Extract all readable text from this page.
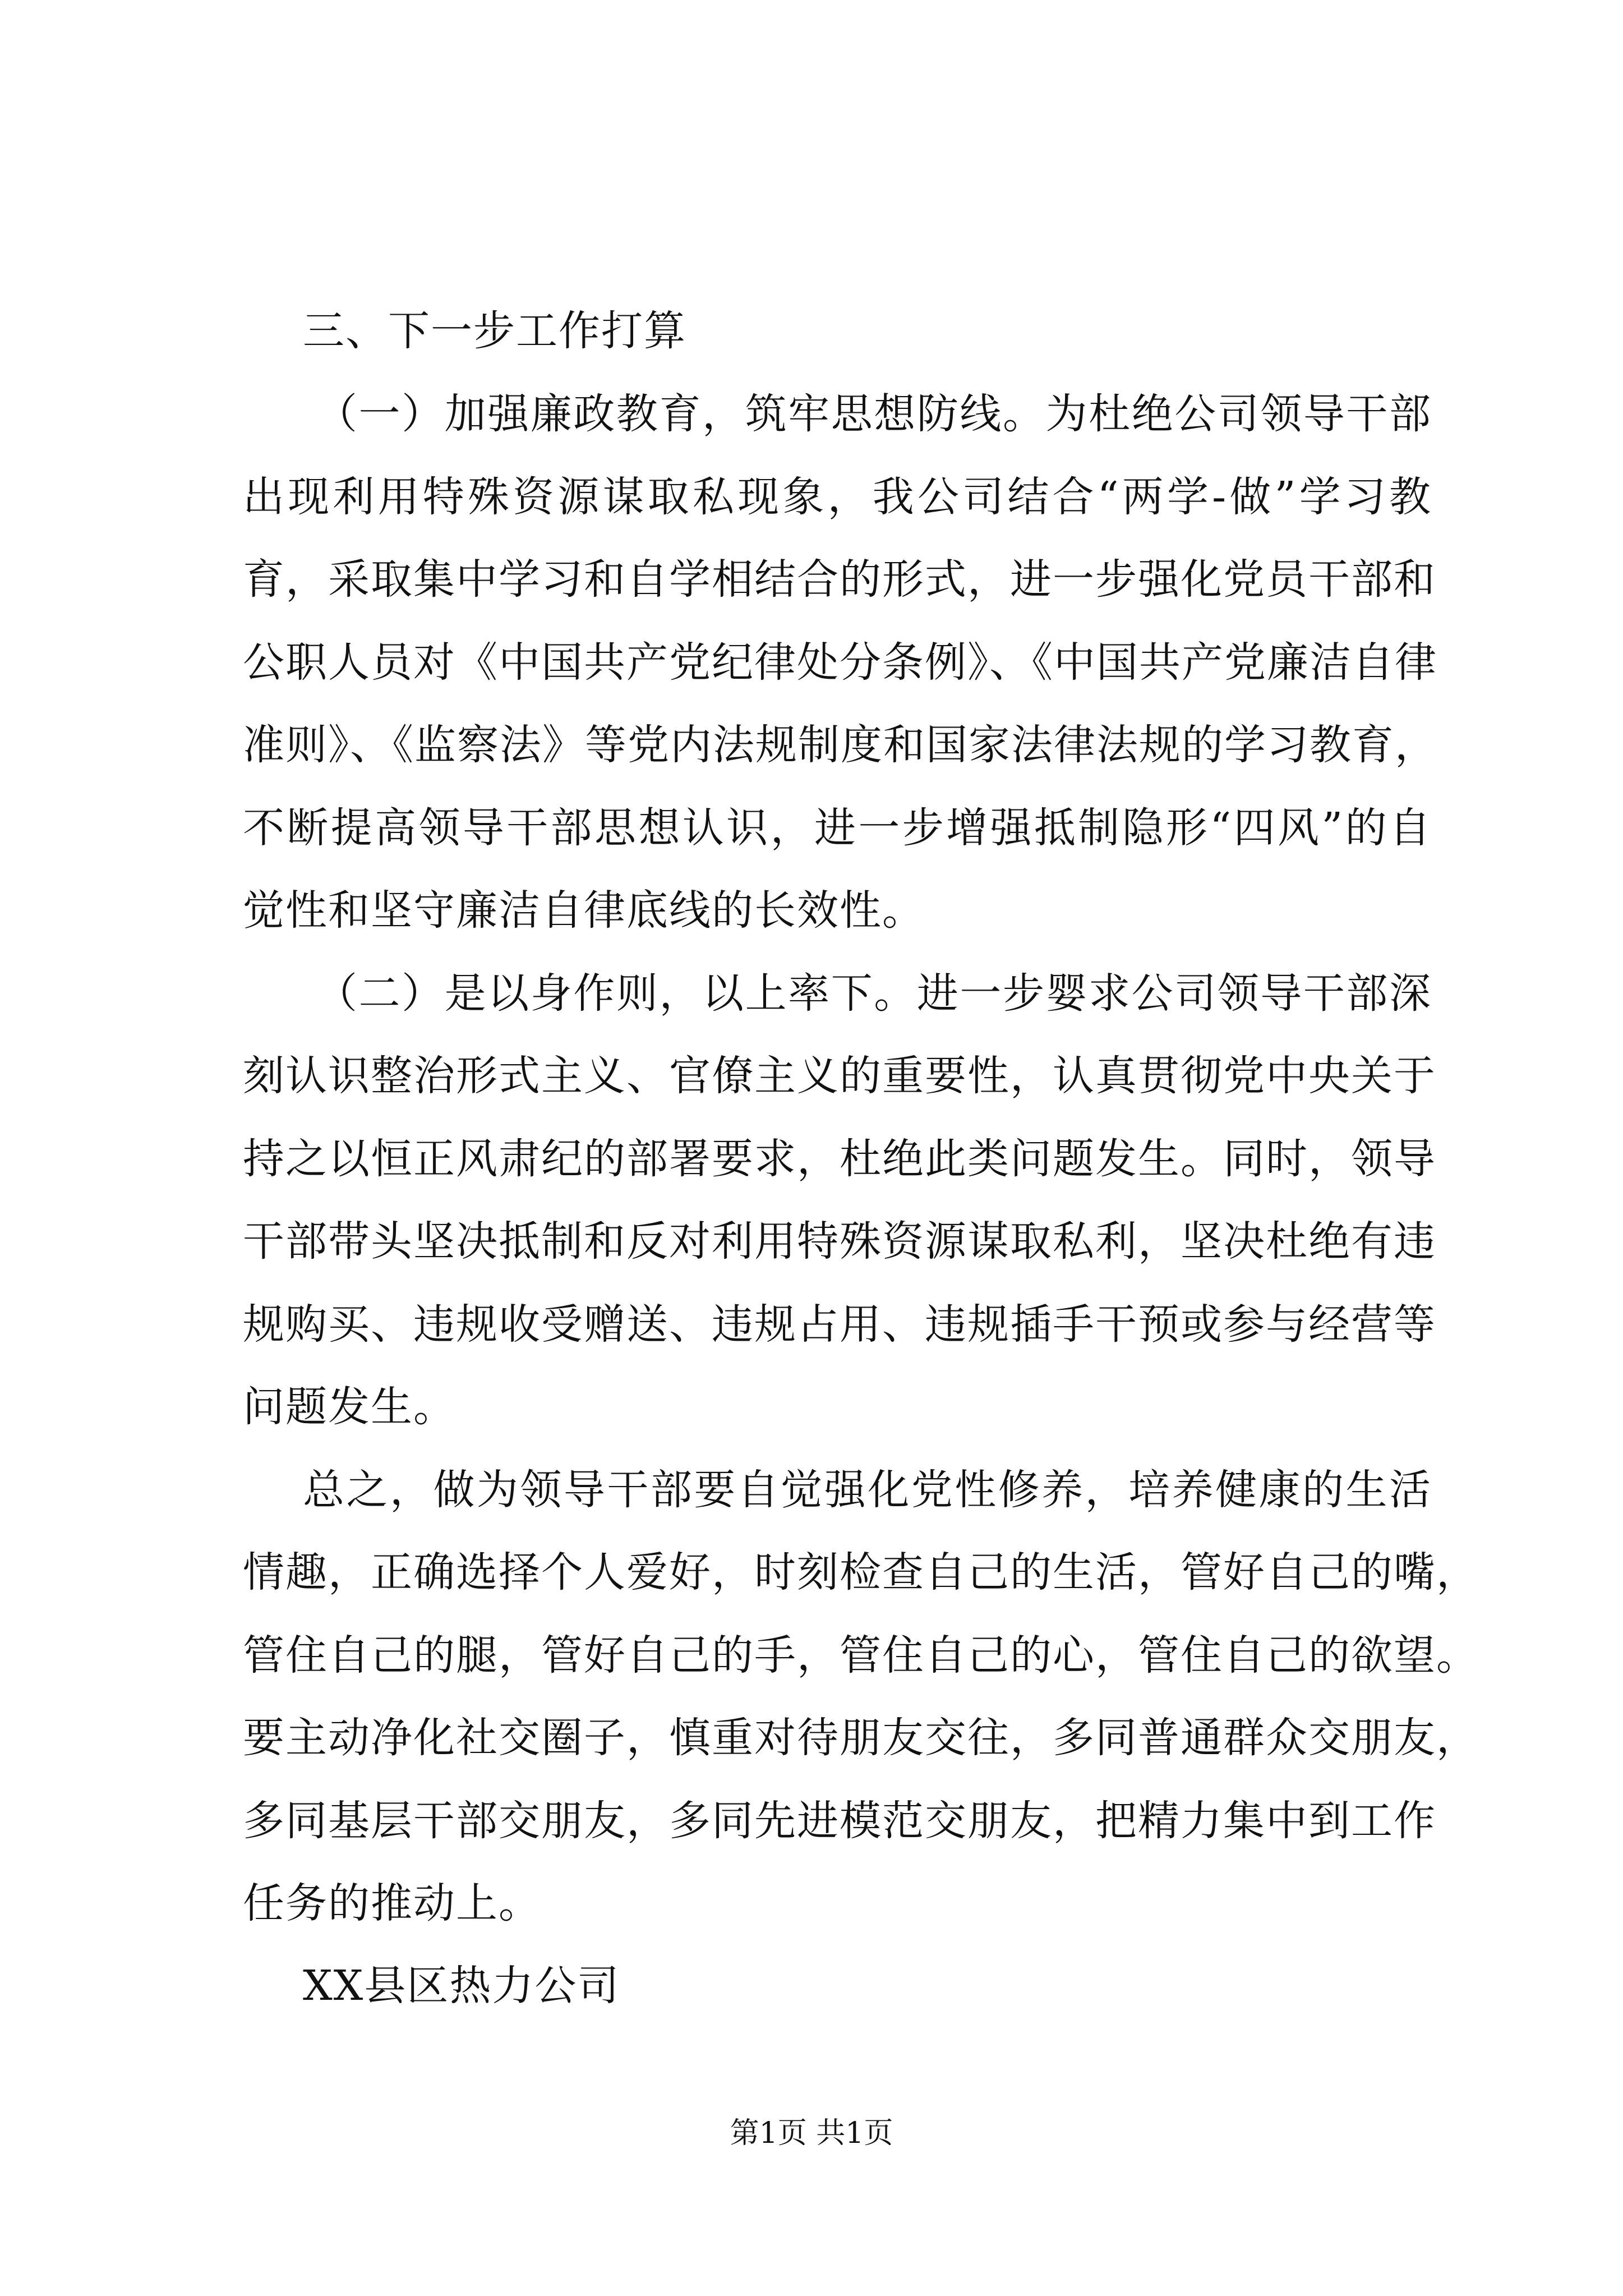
三、下一步工作打算
（一）加强廉政教育，筑牢思想防线。为杜绝公司领导干部
出现利用特殊资源谋取私现象，我公司结合“两学-做”学习教
育，采取集中学习和自学相结合的形式，进一步强化党员干部和
公职人员对《中国共产党纪律处分条例》、《中国共产党廉洁自律
准则》、《监察法》等党内法规制度和国家法律法规的学习教育，
不断提高领导干部思想认识，进一步增强抵制隐形“四风”的自
觉性和坚守廉洁自律底线的长效性。
（二）是以身作则，以上率下。进一步婴求公司领导干部深
刻认识整治形式主义、官僚主义的重要性，认真贯彻党中央关于
持之以恒正风肃纪的部署要求，杜绝此类问题发生。同时，领导
干部带头坚决抵制和反对利用特殊资源谋取私利，坚决杜绝有违
规购买、违规收受赠送、违规占用、违规插手干预或参与经营等
问题发生。
总之，做为领导干部要自觉强化党性修养，培养健康的生活
情趣，正确选择个人爱好，时刻检查自己的生活，管好自己的嘴，
管住自己的腿，管好自己的手，管住自己的心，管住自己的欲望。
要主动净化社交圈子，慎重对待朋友交往，多同普通群众交朋友，
多同基层干部交朋友，多同先进模范交朋友，把精力集中到工作
任务的推动上。
XX县区热力公司
第1页 共1页
